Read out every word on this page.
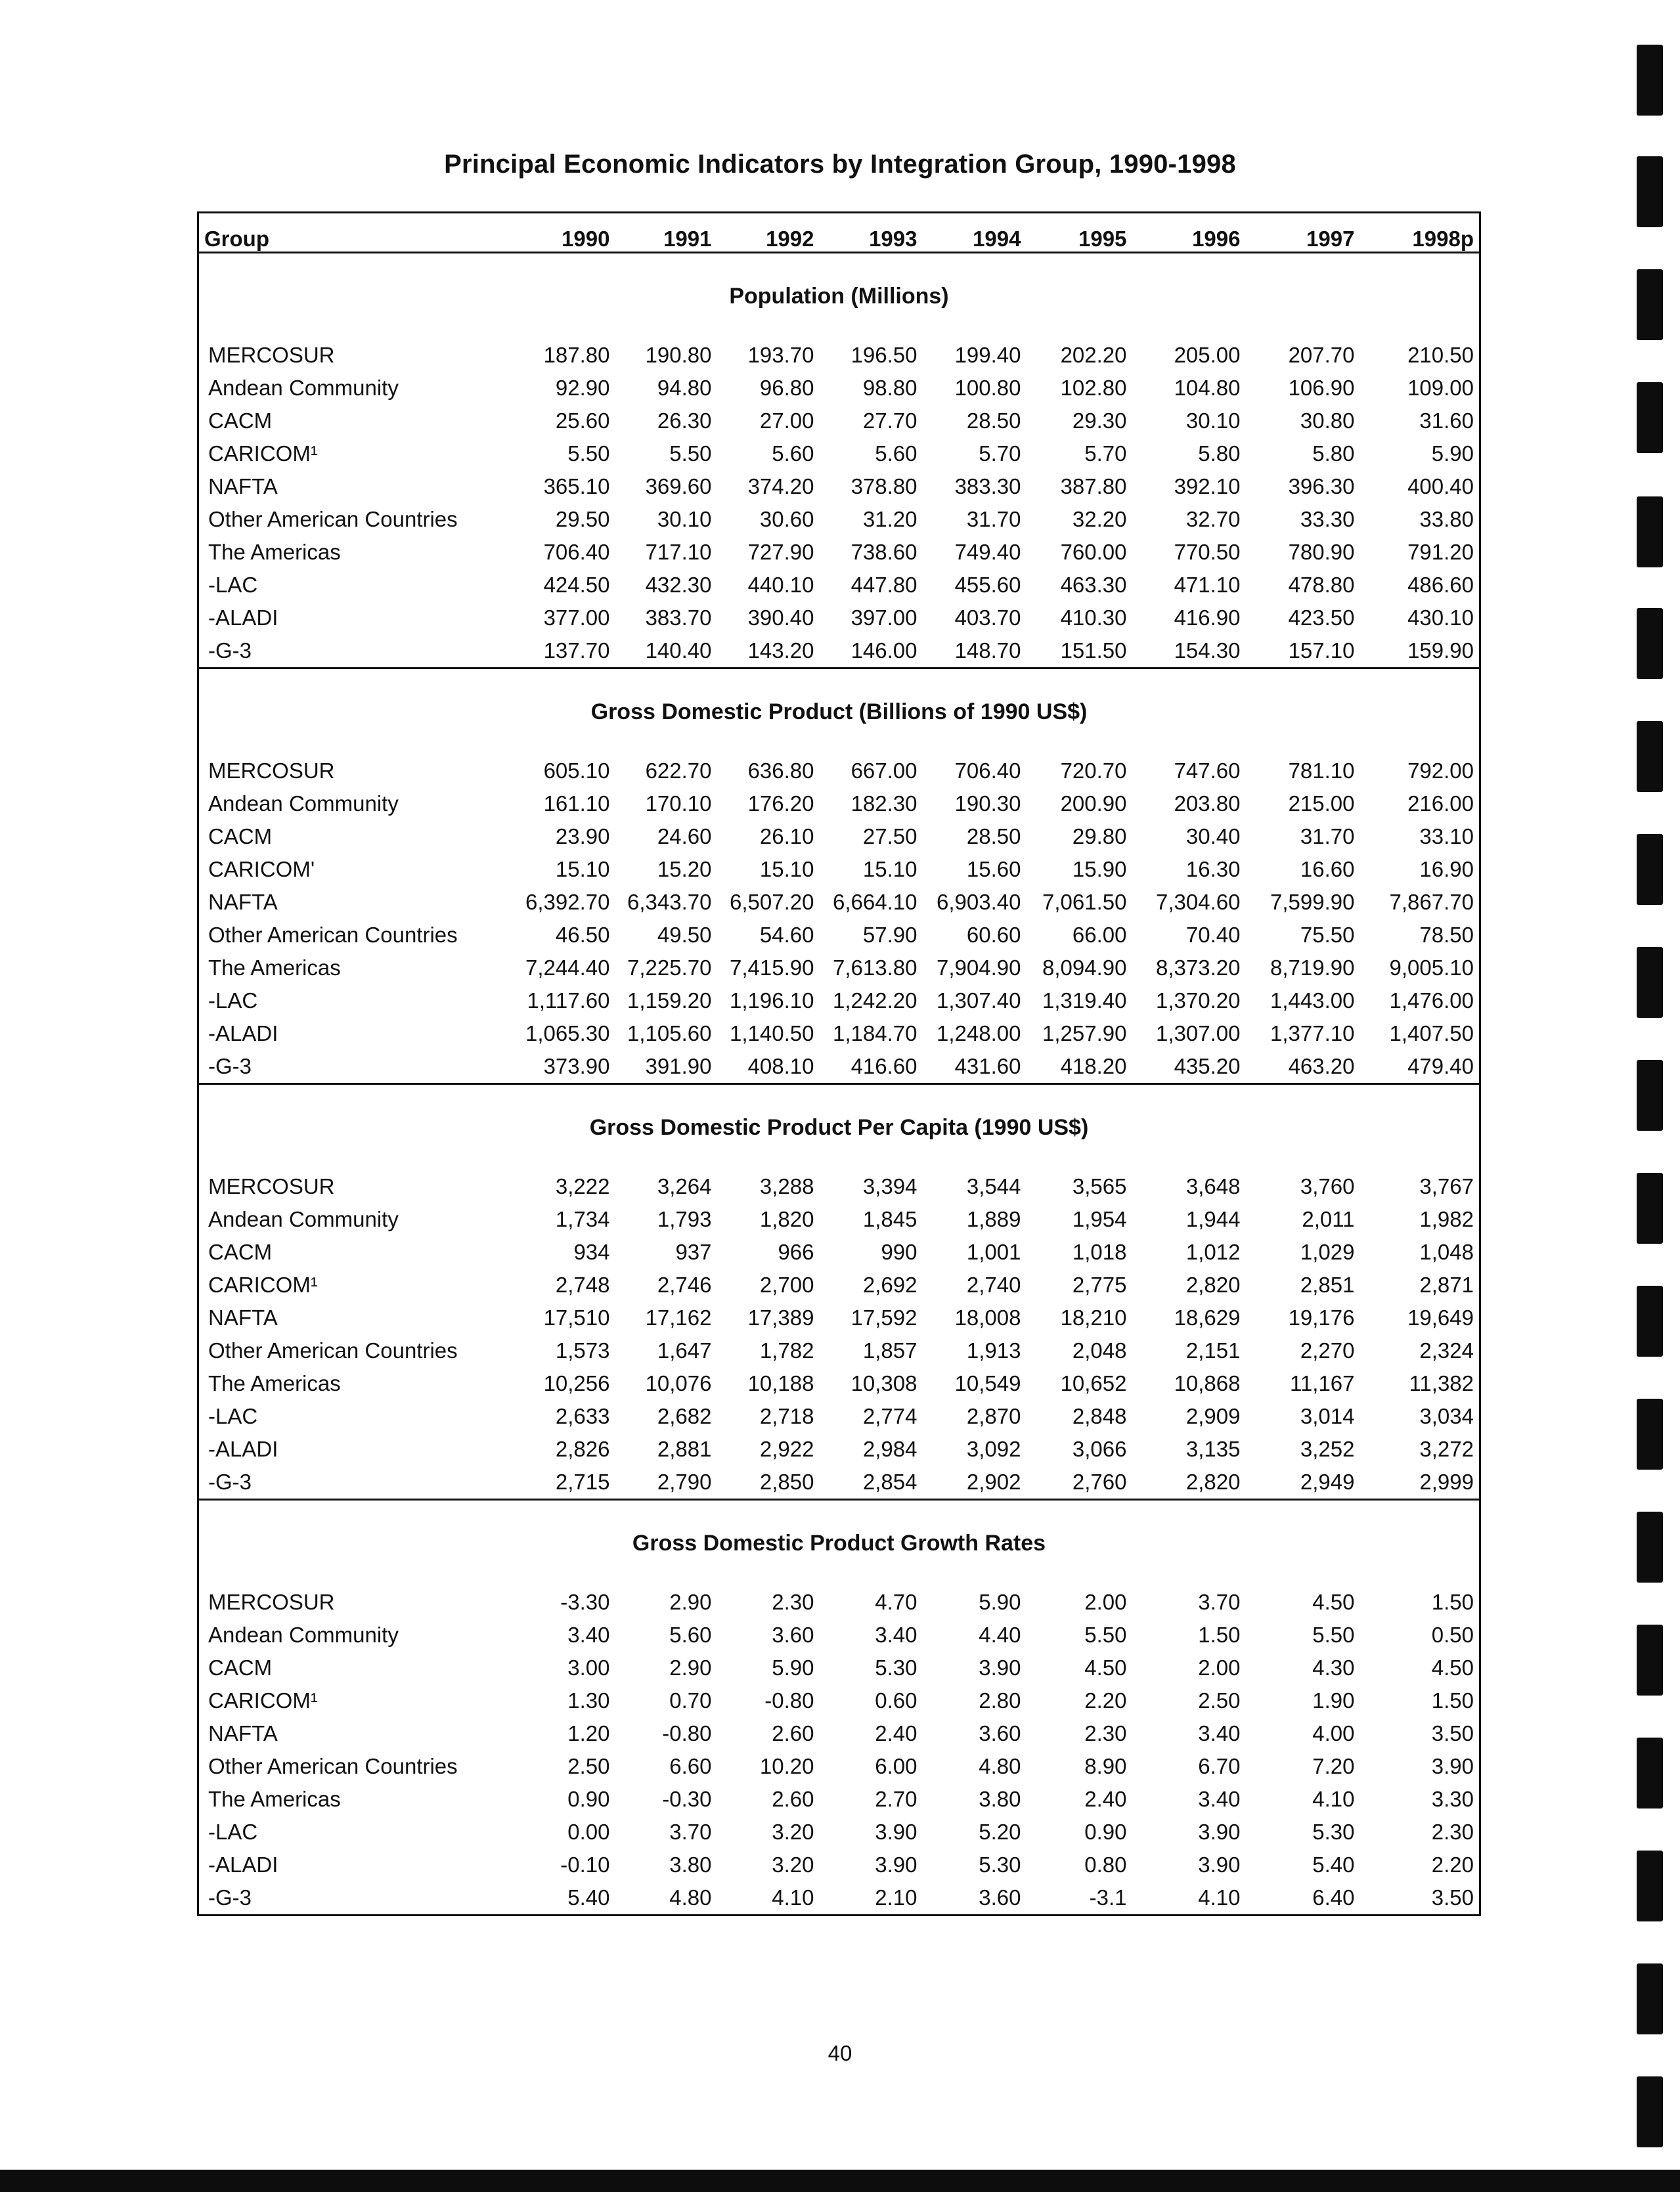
Principal Economic Indicators by Integration Group, 1990-1998
Group	1990	1991	1992	1993	1994	1995	1996	1997	1998p
Population (Millions)									
MERCOSUR	187.80	190.80	193.70	196.50	199.40	202.20	205.00	207.70	210.50
Andean Community	92.90	94.80	96.80	98.80	100.80	102.80	104.80	106.90	109.00
CACM	25.60	26.30	27.00	27.70	28.50	29.30	30.10	30.80	31.60
CARICOM¹	5.50	5.50	5.60	5.60	5.70	5.70	5.80	5.80	5.90
NAFTA	365.10	369.60	374.20	378.80	383.30	387.80	392.10	396.30	400.40
Other American Countries	29.50	30.10	30.60	31.20	31.70	32.20	32.70	33.30	33.80
The Americas	706.40	717.10	727.90	738.60	749.40	760.00	770.50	780.90	791.20
-LAC	424.50	432.30	440.10	447.80	455.60	463.30	471.10	478.80	486.60
-ALADI	377.00	383.70	390.40	397.00	403.70	410.30	416.90	423.50	430.10
-G-3	137.70	140.40	143.20	146.00	148.70	151.50	154.30	157.10	159.90
Gross Domestic Product (Billions of 1990 US$)									
MERCOSUR	605.10	622.70	636.80	667.00	706.40	720.70	747.60	781.10	792.00
Andean Community	161.10	170.10	176.20	182.30	190.30	200.90	203.80	215.00	216.00
CACM	23.90	24.60	26.10	27.50	28.50	29.80	30.40	31.70	33.10
CARICOM'	15.10	15.20	15.10	15.10	15.60	15.90	16.30	16.60	16.90
NAFTA	6,392.70	6,343.70	6,507.20	6,664.10	6,903.40	7,061.50	7,304.60	7,599.90	7,867.70
Other American Countries	46.50	49.50	54.60	57.90	60.60	66.00	70.40	75.50	78.50
The Americas	7,244.40	7,225.70	7,415.90	7,613.80	7,904.90	8,094.90	8,373.20	8,719.90	9,005.10
-LAC	1,117.60	1,159.20	1,196.10	1,242.20	1,307.40	1,319.40	1,370.20	1,443.00	1,476.00
-ALADI	1,065.30	1,105.60	1,140.50	1,184.70	1,248.00	1,257.90	1,307.00	1,377.10	1,407.50
-G-3	373.90	391.90	408.10	416.60	431.60	418.20	435.20	463.20	479.40
Gross Domestic Product Per Capita (1990 US$)									
MERCOSUR	3,222	3,264	3,288	3,394	3,544	3,565	3,648	3,760	3,767
Andean Community	1,734	1,793	1,820	1,845	1,889	1,954	1,944	2,011	1,982
CACM	934	937	966	990	1,001	1,018	1,012	1,029	1,048
CARICOM¹	2,748	2,746	2,700	2,692	2,740	2,775	2,820	2,851	2,871
NAFTA	17,510	17,162	17,389	17,592	18,008	18,210	18,629	19,176	19,649
Other American Countries	1,573	1,647	1,782	1,857	1,913	2,048	2,151	2,270	2,324
The Americas	10,256	10,076	10,188	10,308	10,549	10,652	10,868	11,167	11,382
-LAC	2,633	2,682	2,718	2,774	2,870	2,848	2,909	3,014	3,034
-ALADI	2,826	2,881	2,922	2,984	3,092	3,066	3,135	3,252	3,272
-G-3	2,715	2,790	2,850	2,854	2,902	2,760	2,820	2,949	2,999
Gross Domestic Product Growth Rates									
MERCOSUR	-3.30	2.90	2.30	4.70	5.90	2.00	3.70	4.50	1.50
Andean Community	3.40	5.60	3.60	3.40	4.40	5.50	1.50	5.50	0.50
CACM	3.00	2.90	5.90	5.30	3.90	4.50	2.00	4.30	4.50
CARICOM¹	1.30	0.70	-0.80	0.60	2.80	2.20	2.50	1.90	1.50
NAFTA	1.20	-0.80	2.60	2.40	3.60	2.30	3.40	4.00	3.50
Other American Countries	2.50	6.60	10.20	6.00	4.80	8.90	6.70	7.20	3.90
The Americas	0.90	-0.30	2.60	2.70	3.80	2.40	3.40	4.10	3.30
-LAC	0.00	3.70	3.20	3.90	5.20	0.90	3.90	5.30	2.30
-ALADI	-0.10	3.80	3.20	3.90	5.30	0.80	3.90	5.40	2.20
-G-3	5.40	4.80	4.10	2.10	3.60	-3.1	4.10	6.40	3.50
40
